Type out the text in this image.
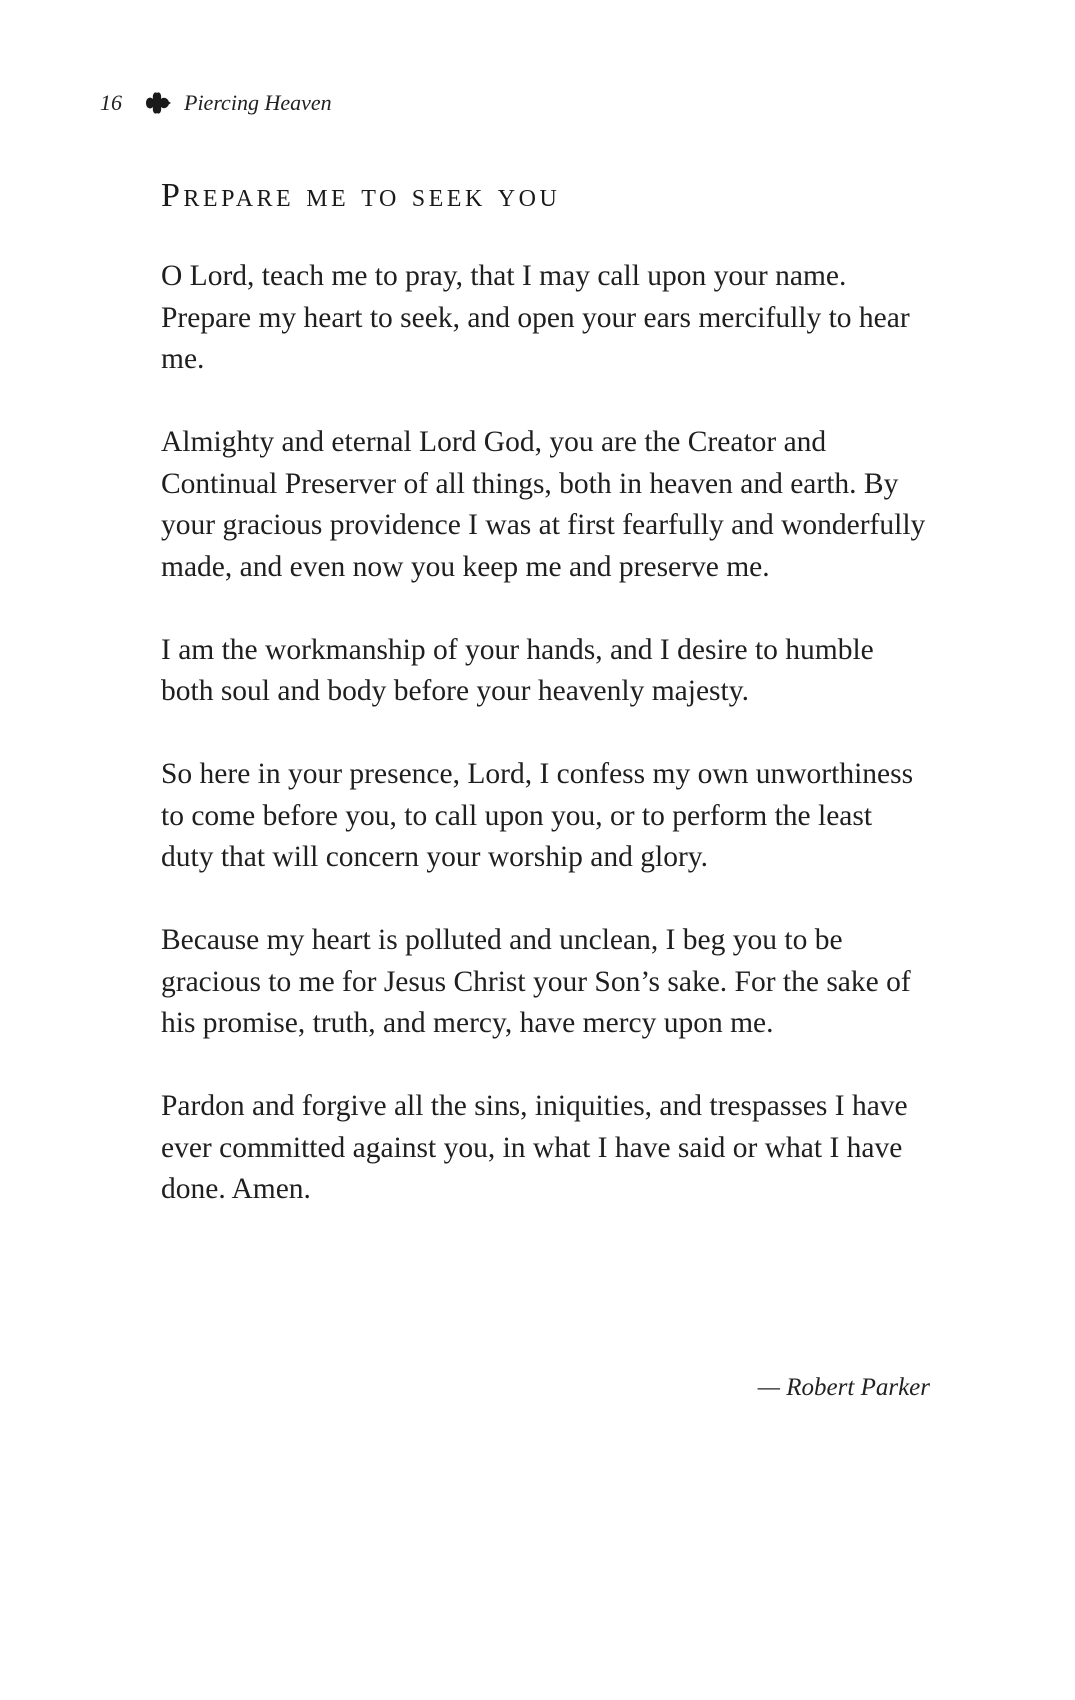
16	Piercing Heaven
Prepare me to seek you

O Lord, teach me to pray, that I may call upon your name. Prepare my heart to seek, and open your ears mercifully to hear me.

Almighty and eternal Lord God, you are the Creator and Continual Preserver of all things, both in heaven and earth. By your gracious providence I was at first fearfully and wonderfully made, and even now you keep me and preserve me.

I am the workmanship of your hands, and I desire to humble both soul and body before your heavenly majesty.

So here in your presence, Lord, I confess my own unworthiness to come before you, to call upon you, or to perform the least duty that will concern your worship and glory.

Because my heart is polluted and unclean, I beg you to be gracious to me for Jesus Christ your Son’s sake. For the sake of his promise, truth, and mercy, have mercy upon me.

Pardon and forgive all the sins, iniquities, and trespasses I have ever committed against you, in what I have said or what I have done. Amen.

— Robert Parker
